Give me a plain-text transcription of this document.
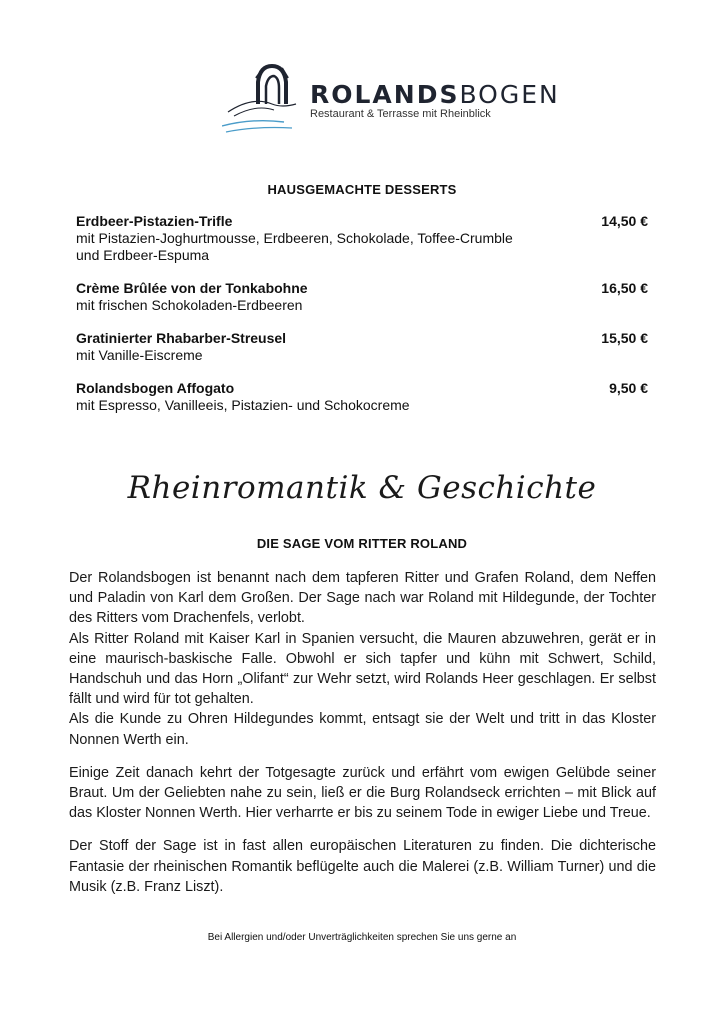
ROLANDSBOGEN
Restaurant & Terrasse mit Rheinblick
HAUSGEMACHTE DESSERTS
Erdbeer-Pistazien-Trifle
mit Pistazien-Joghurtmousse, Erdbeeren, Schokolade, Toffee-Crumble und Erdbeer-Espuma
14,50 €
Crème Brûlée von der Tonkabohne
mit frischen Schokoladen-Erdbeeren
16,50 €
Gratinierter Rhabarber-Streusel
mit Vanille-Eiscreme
15,50 €
Rolandsbogen Affogato
mit Espresso, Vanilleeis, Pistazien- und Schokocreme
9,50 €
Rheinromantik & Geschichte
DIE SAGE VOM RITTER ROLAND

Der Rolandsbogen ist benannt nach dem tapferen Ritter und Grafen Roland, dem Neffen und Paladin von Karl dem Großen. Der Sage nach war Roland mit Hildegunde, der Tochter des Ritters vom Drachenfels, verlobt.
Als Ritter Roland mit Kaiser Karl in Spanien versucht, die Mauren abzuwehren, gerät er in eine maurisch-baskische Falle. Obwohl er sich tapfer und kühn mit Schwert, Schild, Handschuh und das Horn „Olifant“ zur Wehr setzt, wird Rolands Heer geschlagen. Er selbst fällt und wird für tot gehalten.
Als die Kunde zu Ohren Hildegundes kommt, entsagt sie der Welt und tritt in das Kloster Nonnen Werth ein.

Einige Zeit danach kehrt der Totgesagte zurück und erfährt vom ewigen Gelübde seiner Braut. Um der Geliebten nahe zu sein, ließ er die Burg Rolandseck errichten – mit Blick auf das Kloster Nonnen Werth. Hier verharrte er bis zu seinem Tode in ewiger Liebe und Treue.

Der Stoff der Sage ist in fast allen europäischen Literaturen zu finden. Die dichterische Fantasie der rheinischen Romantik beflügelte auch die Malerei (z.B. William Turner) und die Musik (z.B. Franz Liszt).

Bei Allergien und/oder Unverträglichkeiten sprechen Sie uns gerne an
